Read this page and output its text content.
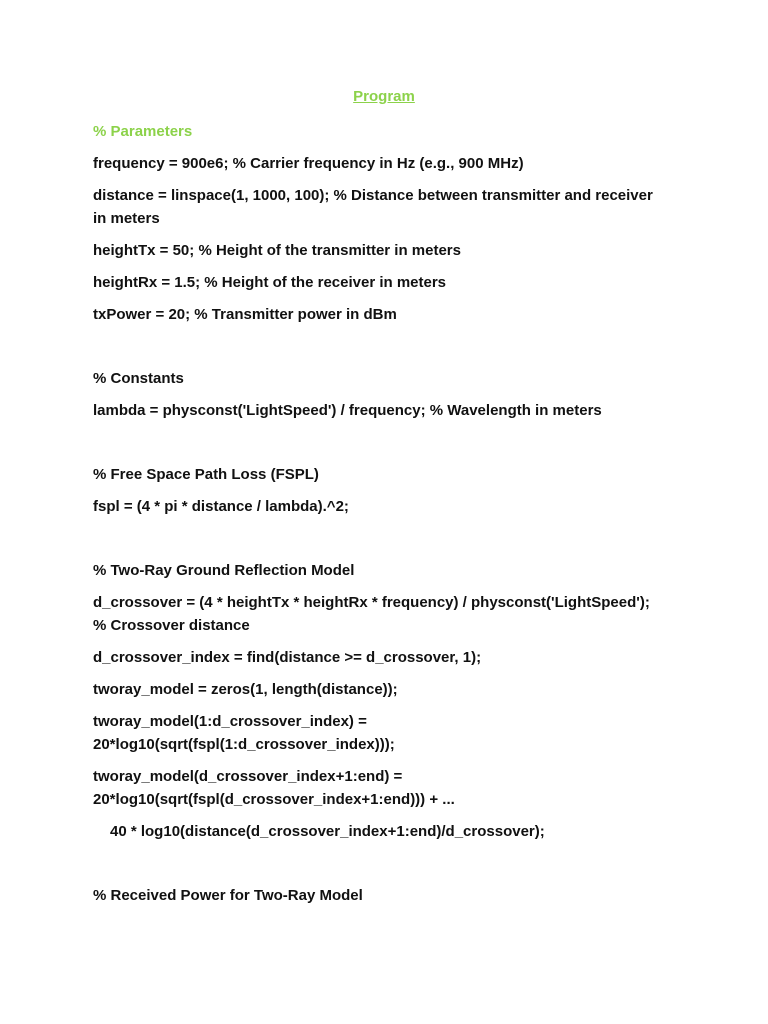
Program
% Parameters
frequency = 900e6; % Carrier frequency in Hz (e.g., 900 MHz)
distance = linspace(1, 1000, 100); % Distance between transmitter and receiver in meters
heightTx = 50; % Height of the transmitter in meters
heightRx = 1.5; % Height of the receiver in meters
txPower = 20; % Transmitter power in dBm
% Constants
lambda = physconst('LightSpeed') / frequency; % Wavelength in meters
% Free Space Path Loss (FSPL)
fspl = (4 * pi * distance / lambda).^2;
% Two-Ray Ground Reflection Model
d_crossover = (4 * heightTx * heightRx * frequency) / physconst('LightSpeed'); % Crossover distance
d_crossover_index = find(distance >= d_crossover, 1);
tworay_model = zeros(1, length(distance));
tworay_model(1:d_crossover_index) = 20*log10(sqrt(fspl(1:d_crossover_index)));
tworay_model(d_crossover_index+1:end) = 20*log10(sqrt(fspl(d_crossover_index+1:end))) + ...
40 * log10(distance(d_crossover_index+1:end)/d_crossover);
% Received Power for Two-Ray Model
